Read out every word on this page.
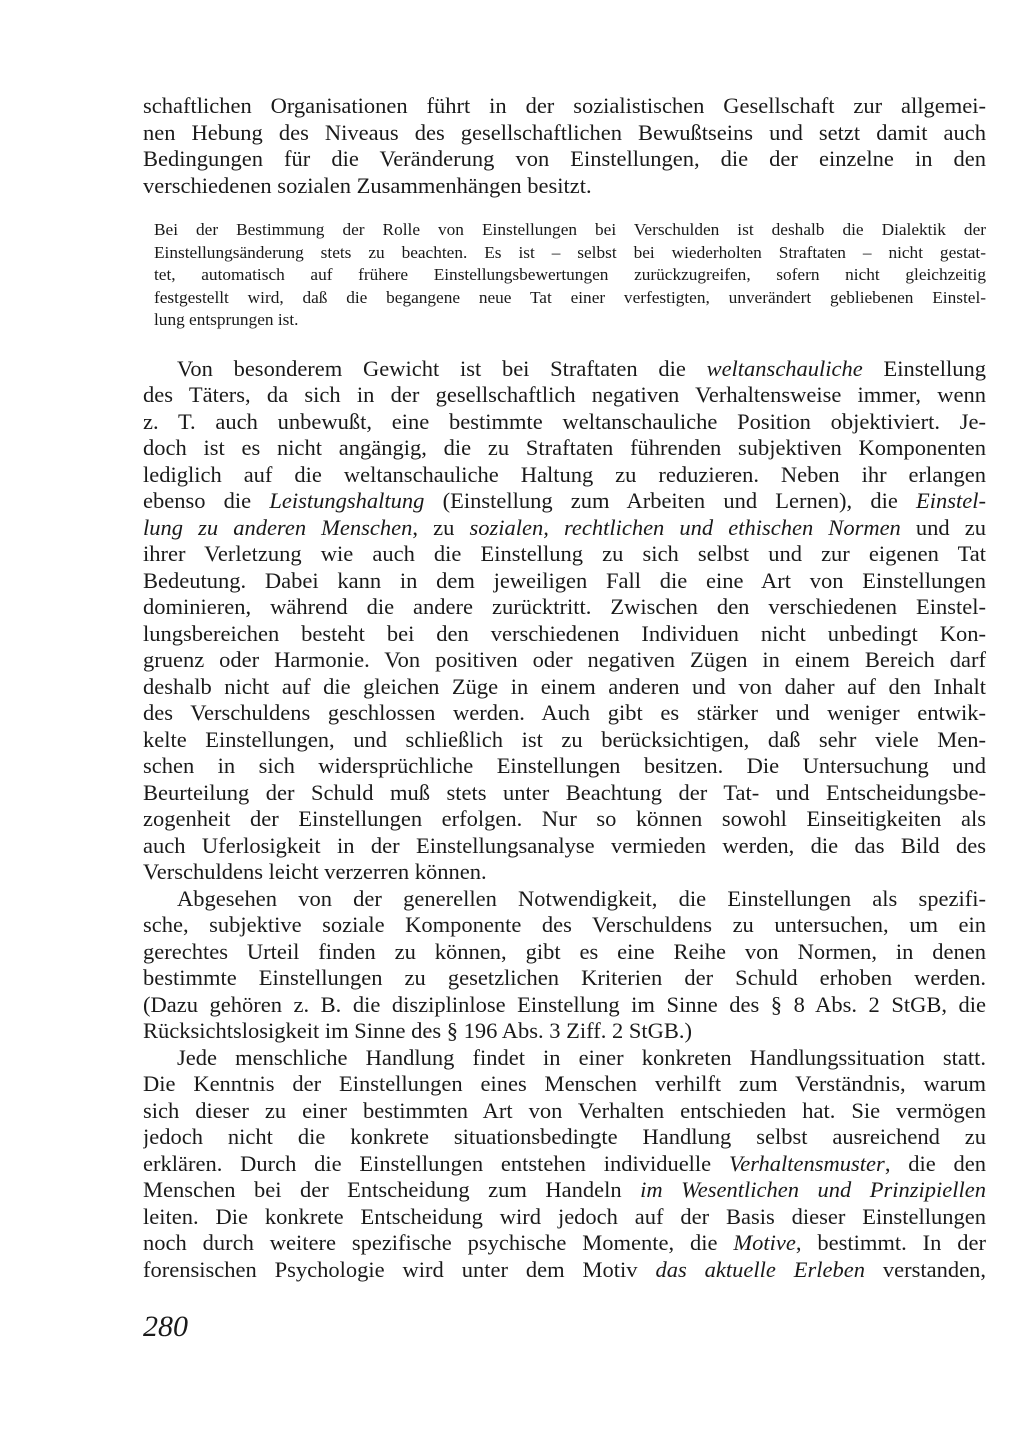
schaftlichen Organisationen führt in der sozialistischen Gesellschaft zur allgemei-
nen Hebung des Niveaus des gesellschaftlichen Bewußtseins und setzt damit auch
Bedingungen für die Veränderung von Einstellungen, die der einzelne in den
verschiedenen sozialen Zusammenhängen besitzt.
Bei der Bestimmung der Rolle von Einstellungen bei Verschulden ist deshalb die Dialektik der
Einstellungsänderung stets zu beachten. Es ist – selbst bei wiederholten Straftaten – nicht gestat-
tet, automatisch auf frühere Einstellungsbewertungen zurückzugreifen, sofern nicht gleichzeitig
festgestellt wird, daß die begangene neue Tat einer verfestigten, unverändert gebliebenen Einstel-
lung entsprungen ist.
Von besonderem Gewicht ist bei Straftaten die weltanschauliche Einstellung
des Täters, da sich in der gesellschaftlich negativen Verhaltensweise immer, wenn
z. T. auch unbewußt, eine bestimmte weltanschauliche Position objektiviert. Je-
doch ist es nicht angängig, die zu Straftaten führenden subjektiven Komponenten
lediglich auf die weltanschauliche Haltung zu reduzieren. Neben ihr erlangen
ebenso die Leistungshaltung (Einstellung zum Arbeiten und Lernen), die Einstel-
lung zu anderen Menschen, zu sozialen, rechtlichen und ethischen Normen und zu
ihrer Verletzung wie auch die Einstellung zu sich selbst und zur eigenen Tat
Bedeutung. Dabei kann in dem jeweiligen Fall die eine Art von Einstellungen
dominieren, während die andere zurücktritt. Zwischen den verschiedenen Einstel-
lungsbereichen besteht bei den verschiedenen Individuen nicht unbedingt Kon-
gruenz oder Harmonie. Von positiven oder negativen Zügen in einem Bereich darf
deshalb nicht auf die gleichen Züge in einem anderen und von daher auf den Inhalt
des Verschuldens geschlossen werden. Auch gibt es stärker und weniger entwik-
kelte Einstellungen, und schließlich ist zu berücksichtigen, daß sehr viele Men-
schen in sich widersprüchliche Einstellungen besitzen. Die Untersuchung und
Beurteilung der Schuld muß stets unter Beachtung der Tat- und Entscheidungsbe-
zogenheit der Einstellungen erfolgen. Nur so können sowohl Einseitigkeiten als
auch Uferlosigkeit in der Einstellungsanalyse vermieden werden, die das Bild des
Verschuldens leicht verzerren können.
Abgesehen von der generellen Notwendigkeit, die Einstellungen als spezifi-
sche, subjektive soziale Komponente des Verschuldens zu untersuchen, um ein
gerechtes Urteil finden zu können, gibt es eine Reihe von Normen, in denen
bestimmte Einstellungen zu gesetzlichen Kriterien der Schuld erhoben werden.
(Dazu gehören z. B. die disziplinlose Einstellung im Sinne des § 8 Abs. 2 StGB, die
Rücksichtslosigkeit im Sinne des § 196 Abs. 3 Ziff. 2 StGB.)
Jede menschliche Handlung findet in einer konkreten Handlungssituation statt.
Die Kenntnis der Einstellungen eines Menschen verhilft zum Verständnis, warum
sich dieser zu einer bestimmten Art von Verhalten entschieden hat. Sie vermögen
jedoch nicht die konkrete situationsbedingte Handlung selbst ausreichend zu
erklären. Durch die Einstellungen entstehen individuelle Verhaltensmuster, die den
Menschen bei der Entscheidung zum Handeln im Wesentlichen und Prinzipiellen
leiten. Die konkrete Entscheidung wird jedoch auf der Basis dieser Einstellungen
noch durch weitere spezifische psychische Momente, die Motive, bestimmt. In der
forensischen Psychologie wird unter dem Motiv das aktuelle Erleben verstanden,
280
